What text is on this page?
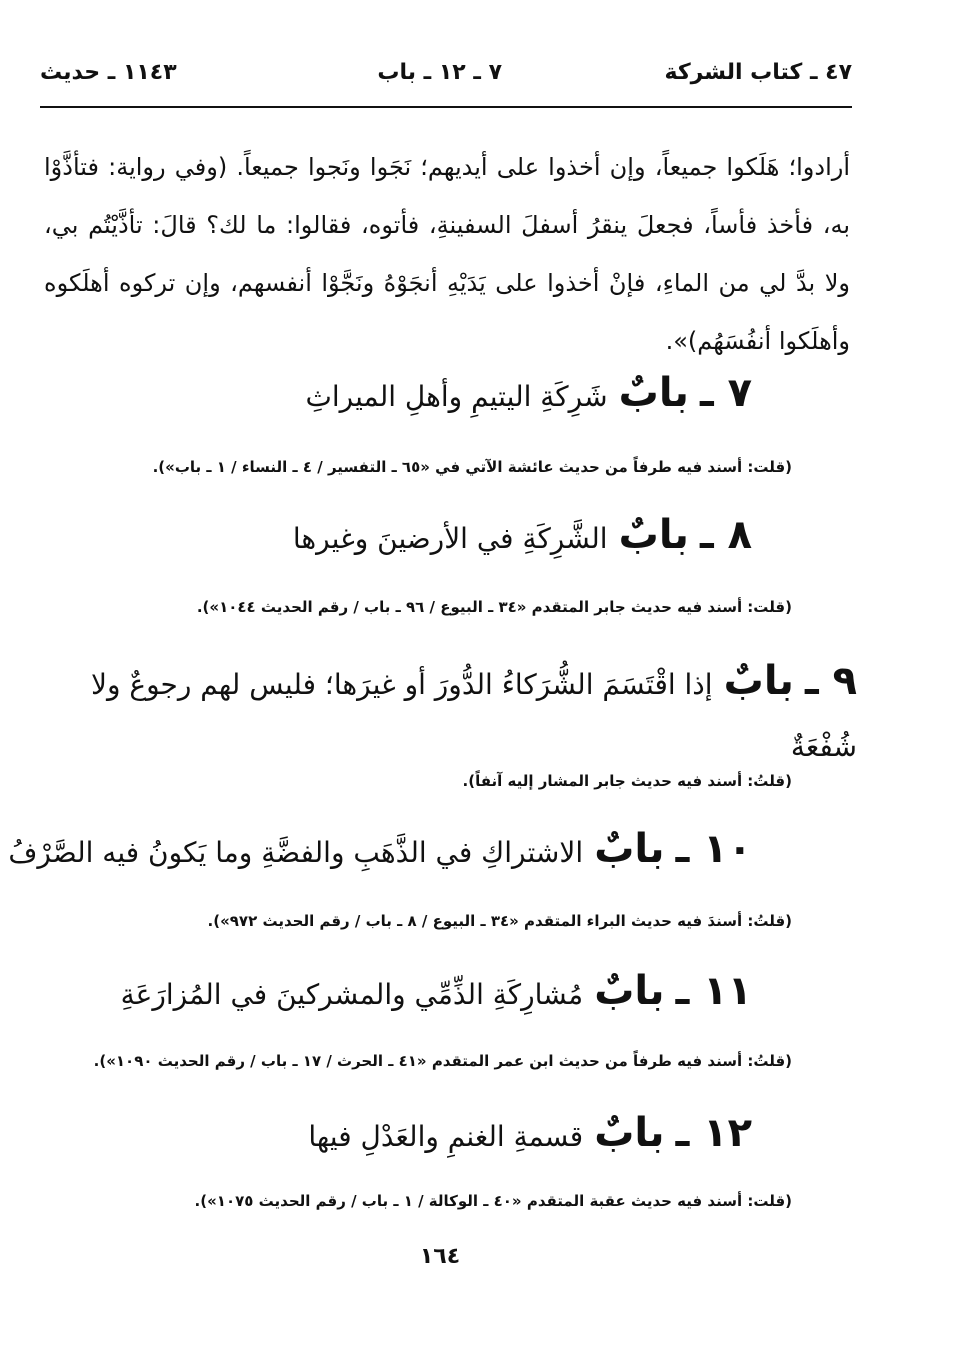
٤٧ ـ كتاب الشركة
٧ ـ ١٢ ـ باب
١١٤٣ ـ حديث
أرادوا؛ هَلَكوا جميعاً، وإن أخذوا على أيديهم؛ نَجَوا ونَجوا جميعاً. (وفي رواية: فتأذَّوْا به، فأخذ فأساً، فجعلَ ينقرُ أسفلَ السفينةِ، فأتوه، فقالوا: ما لك؟ قالَ: تأذَّيْتُم بي، ولا بدَّ لي من الماءِ، فإنْ أخذوا على يَدَيْهِ أنجَوْهُ ونَجَّوْا أنفسهم، وإن تركوه أهلَكوه وأهلَكوا أنفُسَهُم)».
٧ ـ بابٌ شَرِكَةِ اليتيمِ وأهلِ الميراثِ
(قلت: أسند فيه طرفاً من حديث عائشة الآتي في «٦٥ ـ التفسير / ٤ ـ النساء / ١ ـ باب»).
٨ ـ بابٌ الشَّرِكَةِ في الأرضينَ وغيرها
(قلت: أسند فيه حديث جابر المتقدم «٣٤ ـ البيوع / ٩٦ ـ باب / رقم الحديث ١٠٤٤»).
٩ ـ بابٌ إذا اقْتَسَمَ الشُّرَكاءُ الدُّورَ أو غيرَها؛ فليس لهم رجوعٌ ولا شُفْعَةٌ
(قلتُ: أسند فيه حديث جابر المشار إليه آنفاً).
١٠ ـ بابٌ الاشتراكِ في الذَّهَبِ والفضَّةِ وما يَكونُ فيه الصَّرْفُ
(قلتُ: أسندَ فيه حديث البراء المتقدم «٣٤ ـ البيوع / ٨ ـ باب / رقم الحديث ٩٧٢»).
١١ ـ بابٌ مُشارِكَةِ الذِّمِّي والمشركينَ في المُزارَعَةِ
(قلتُ: أسند فيه طرفاً من حديث ابن عمر المتقدم «٤١ ـ الحرث / ١٧ ـ باب / رقم الحديث ١٠٩٠»).
١٢ ـ بابٌ قسمةِ الغنمِ والعَدْلِ فيها
(قلت: أسند فيه حديث عقبة المتقدم «٤٠ ـ الوكالة / ١ ـ باب / رقم الحديث ١٠٧٥»).
١٦٤
